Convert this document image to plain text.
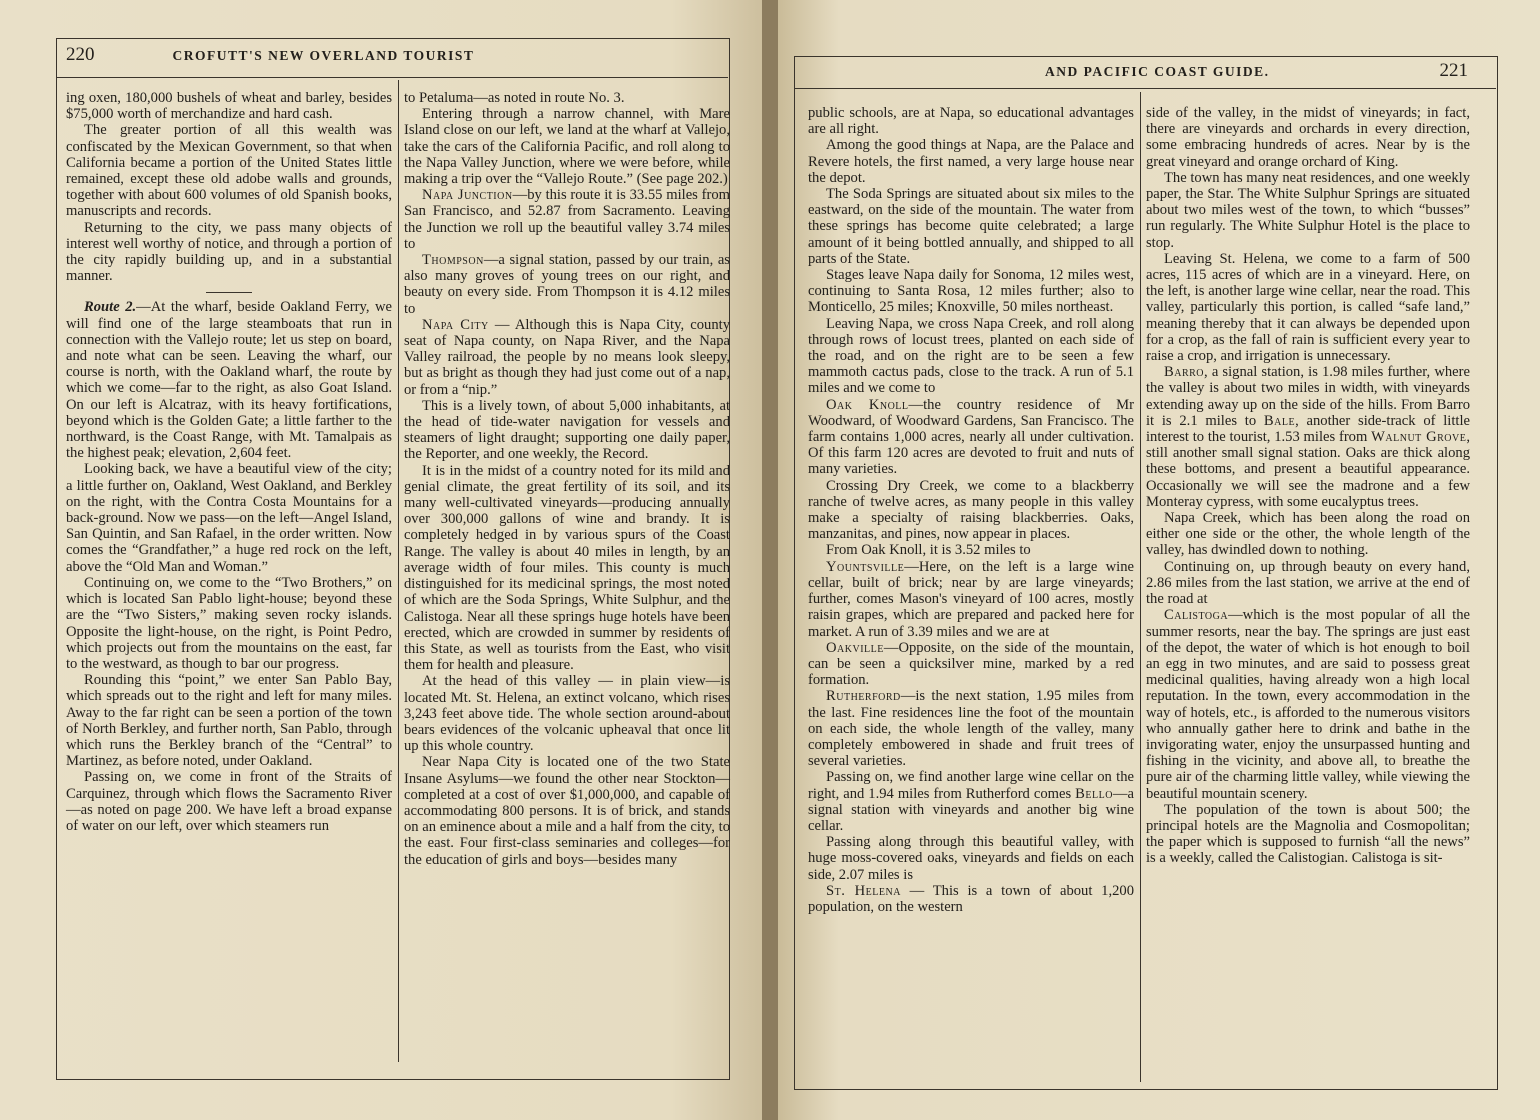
220	CROFUTT'S NEW OVERLAND TOURIST

ing oxen, 180,000 bushels of wheat and barley, besides $75,000 worth of merchandize and hard cash.

The greater portion of all this wealth was confiscated by the Mexican Government, so that when California became a portion of the United States little remained, except these old adobe walls and grounds, together with about 600 volumes of old Spanish books, manuscripts and records.

Returning to the city, we pass many objects of interest well worthy of notice, and through a portion of the city rapidly building up, and in a substantial manner.

Route 2.—At the wharf, beside Oakland Ferry, we will find one of the large steamboats that run in connection with the Vallejo route; let us step on board, and note what can be seen. Leaving the wharf, our course is north, with the Oakland wharf, the route by which we come—far to the right, as also Goat Island. On our left is Alcatraz, with its heavy fortifications, beyond which is the Golden Gate; a little farther to the northward, is the Coast Range, with Mt. Tamalpais as the highest peak; elevation, 2,604 feet.

Looking back, we have a beautiful view of the city; a little further on, Oakland, West Oakland, and Berkley on the right, with the Contra Costa Mountains for a back-ground. Now we pass—on the left—Angel Island, San Quintin, and San Rafael, in the order written. Now comes the “Grandfather,” a huge red rock on the left, above the “Old Man and Woman.”

Continuing on, we come to the “Two Brothers,” on which is located San Pablo light-house; beyond these are the “Two Sisters,” making seven rocky islands. Opposite the light-house, on the right, is Point Pedro, which projects out from the mountains on the east, far to the westward, as though to bar our progress.

Rounding this “point,” we enter San Pablo Bay, which spreads out to the right and left for many miles. Away to the far right can be seen a portion of the town of North Berkley, and further north, San Pablo, through which runs the Berkley branch of the “Central” to Martinez, as before noted, under Oakland.

Passing on, we come in front of the Straits of Carquinez, through which flows the Sacramento River—as noted on page 200. We have left a broad expanse of water on our left, over which steamers run

to Petaluma—as noted in route No. 3.

Entering through a narrow channel, with Mare Island close on our left, we land at the wharf at Vallejo, take the cars of the California Pacific, and roll along to the Napa Valley Junction, where we were before, while making a trip over the “Vallejo Route.” (See page 202.)

Napa Junction—by this route it is 33.55 miles from San Francisco, and 52.87 from Sacramento. Leaving the Junction we roll up the beautiful valley 3.74 miles to

Thompson—a signal station, passed by our train, as also many groves of young trees on our right, and beauty on every side. From Thompson it is 4.12 miles to

Napa City — Although this is Napa City, county seat of Napa county, on Napa River, and the Napa Valley railroad, the people by no means look sleepy, but as bright as though they had just come out of a nap, or from a “nip.”

This is a lively town, of about 5,000 inhabitants, at the head of tide-water navigation for vessels and steamers of light draught; supporting one daily paper, the Reporter, and one weekly, the Record.

It is in the midst of a country noted for its mild and genial climate, the great fertility of its soil, and its many well-cultivated vineyards—producing annually over 300,000 gallons of wine and brandy. It is completely hedged in by various spurs of the Coast Range. The valley is about 40 miles in length, by an average width of four miles. This county is much distinguished for its medicinal springs, the most noted of which are the Soda Springs, White Sulphur, and the Calistoga. Near all these springs huge hotels have been erected, which are crowded in summer by residents of this State, as well as tourists from the East, who visit them for health and pleasure.

At the head of this valley — in plain view—is located Mt. St. Helena, an extinct volcano, which rises 3,243 feet above tide. The whole section around-about bears evidences of the volcanic upheaval that once lit up this whole country.

Near Napa City is located one of the two State Insane Asylums—we found the other near Stockton—completed at a cost of over $1,000,000, and capable of accommodating 800 persons. It is of brick, and stands on an eminence about a mile and a half from the city, to the east. Four first-class seminaries and colleges—for the education of girls and boys—besides many

AND PACIFIC COAST GUIDE.	221

public schools, are at Napa, so educational advantages are all right.

Among the good things at Napa, are the Palace and Revere hotels, the first named, a very large house near the depot.

The Soda Springs are situated about six miles to the eastward, on the side of the mountain. The water from these springs has become quite celebrated; a large amount of it being bottled annually, and shipped to all parts of the State.

Stages leave Napa daily for Sonoma, 12 miles west, continuing to Santa Rosa, 12 miles further; also to Monticello, 25 miles; Knoxville, 50 miles northeast.

Leaving Napa, we cross Napa Creek, and roll along through rows of locust trees, planted on each side of the road, and on the right are to be seen a few mammoth cactus pads, close to the track. A run of 5.1 miles and we come to

Oak Knoll—the country residence of Mr Woodward, of Woodward Gardens, San Francisco. The farm contains 1,000 acres, nearly all under cultivation. Of this farm 120 acres are devoted to fruit and nuts of many varieties.

Crossing Dry Creek, we come to a blackberry ranche of twelve acres, as many people in this valley make a specialty of raising blackberries. Oaks, manzanitas, and pines, now appear in places.

From Oak Knoll, it is 3.52 miles to

Yountsville—Here, on the left is a large wine cellar, built of brick; near by are large vineyards; further, comes Mason's vineyard of 100 acres, mostly raisin grapes, which are prepared and packed here for market. A run of 3.39 miles and we are at

Oakville—Opposite, on the side of the mountain, can be seen a quicksilver mine, marked by a red formation.

Rutherford—is the next station, 1.95 miles from the last. Fine residences line the foot of the mountain on each side, the whole length of the valley, many completely embowered in shade and fruit trees of several varieties.

Passing on, we find another large wine cellar on the right, and 1.94 miles from Rutherford comes Bello—a signal station with vineyards and another big wine cellar.

Passing along through this beautiful valley, with huge moss-covered oaks, vineyards and fields on each side, 2.07 miles is

St. Helena — This is a town of about 1,200 population, on the western

side of the valley, in the midst of vineyards; in fact, there are vineyards and orchards in every direction, some embracing hundreds of acres. Near by is the great vineyard and orange orchard of King.

The town has many neat residences, and one weekly paper, the Star. The White Sulphur Springs are situated about two miles west of the town, to which “busses” run regularly. The White Sulphur Hotel is the place to stop.

Leaving St. Helena, we come to a farm of 500 acres, 115 acres of which are in a vineyard. Here, on the left, is another large wine cellar, near the road. This valley, particularly this portion, is called “safe land,” meaning thereby that it can always be depended upon for a crop, as the fall of rain is sufficient every year to raise a crop, and irrigation is unnecessary.

Barro, a signal station, is 1.98 miles further, where the valley is about two miles in width, with vineyards extending away up on the side of the hills. From Barro it is 2.1 miles to Bale, another side-track of little interest to the tourist, 1.53 miles from Walnut Grove, still another small signal station. Oaks are thick along these bottoms, and present a beautiful appearance. Occasionally we will see the madrone and a few Monteray cypress, with some eucalyptus trees.

Napa Creek, which has been along the road on either one side or the other, the whole length of the valley, has dwindled down to nothing.

Continuing on, up through beauty on every hand, 2.86 miles from the last station, we arrive at the end of the road at

Calistoga—which is the most popular of all the summer resorts, near the bay. The springs are just east of the depot, the water of which is hot enough to boil an egg in two minutes, and are said to possess great medicinal qualities, having already won a high local reputation. In the town, every accommodation in the way of hotels, etc., is afforded to the numerous visitors who annually gather here to drink and bathe in the invigorating water, enjoy the unsurpassed hunting and fishing in the vicinity, and above all, to breathe the pure air of the charming little valley, while viewing the beautiful mountain scenery.

The population of the town is about 500; the principal hotels are the Magnolia and Cosmopolitan; the paper which is supposed to furnish “all the news” is a weekly, called the Calistogian. Calistoga is sit-
